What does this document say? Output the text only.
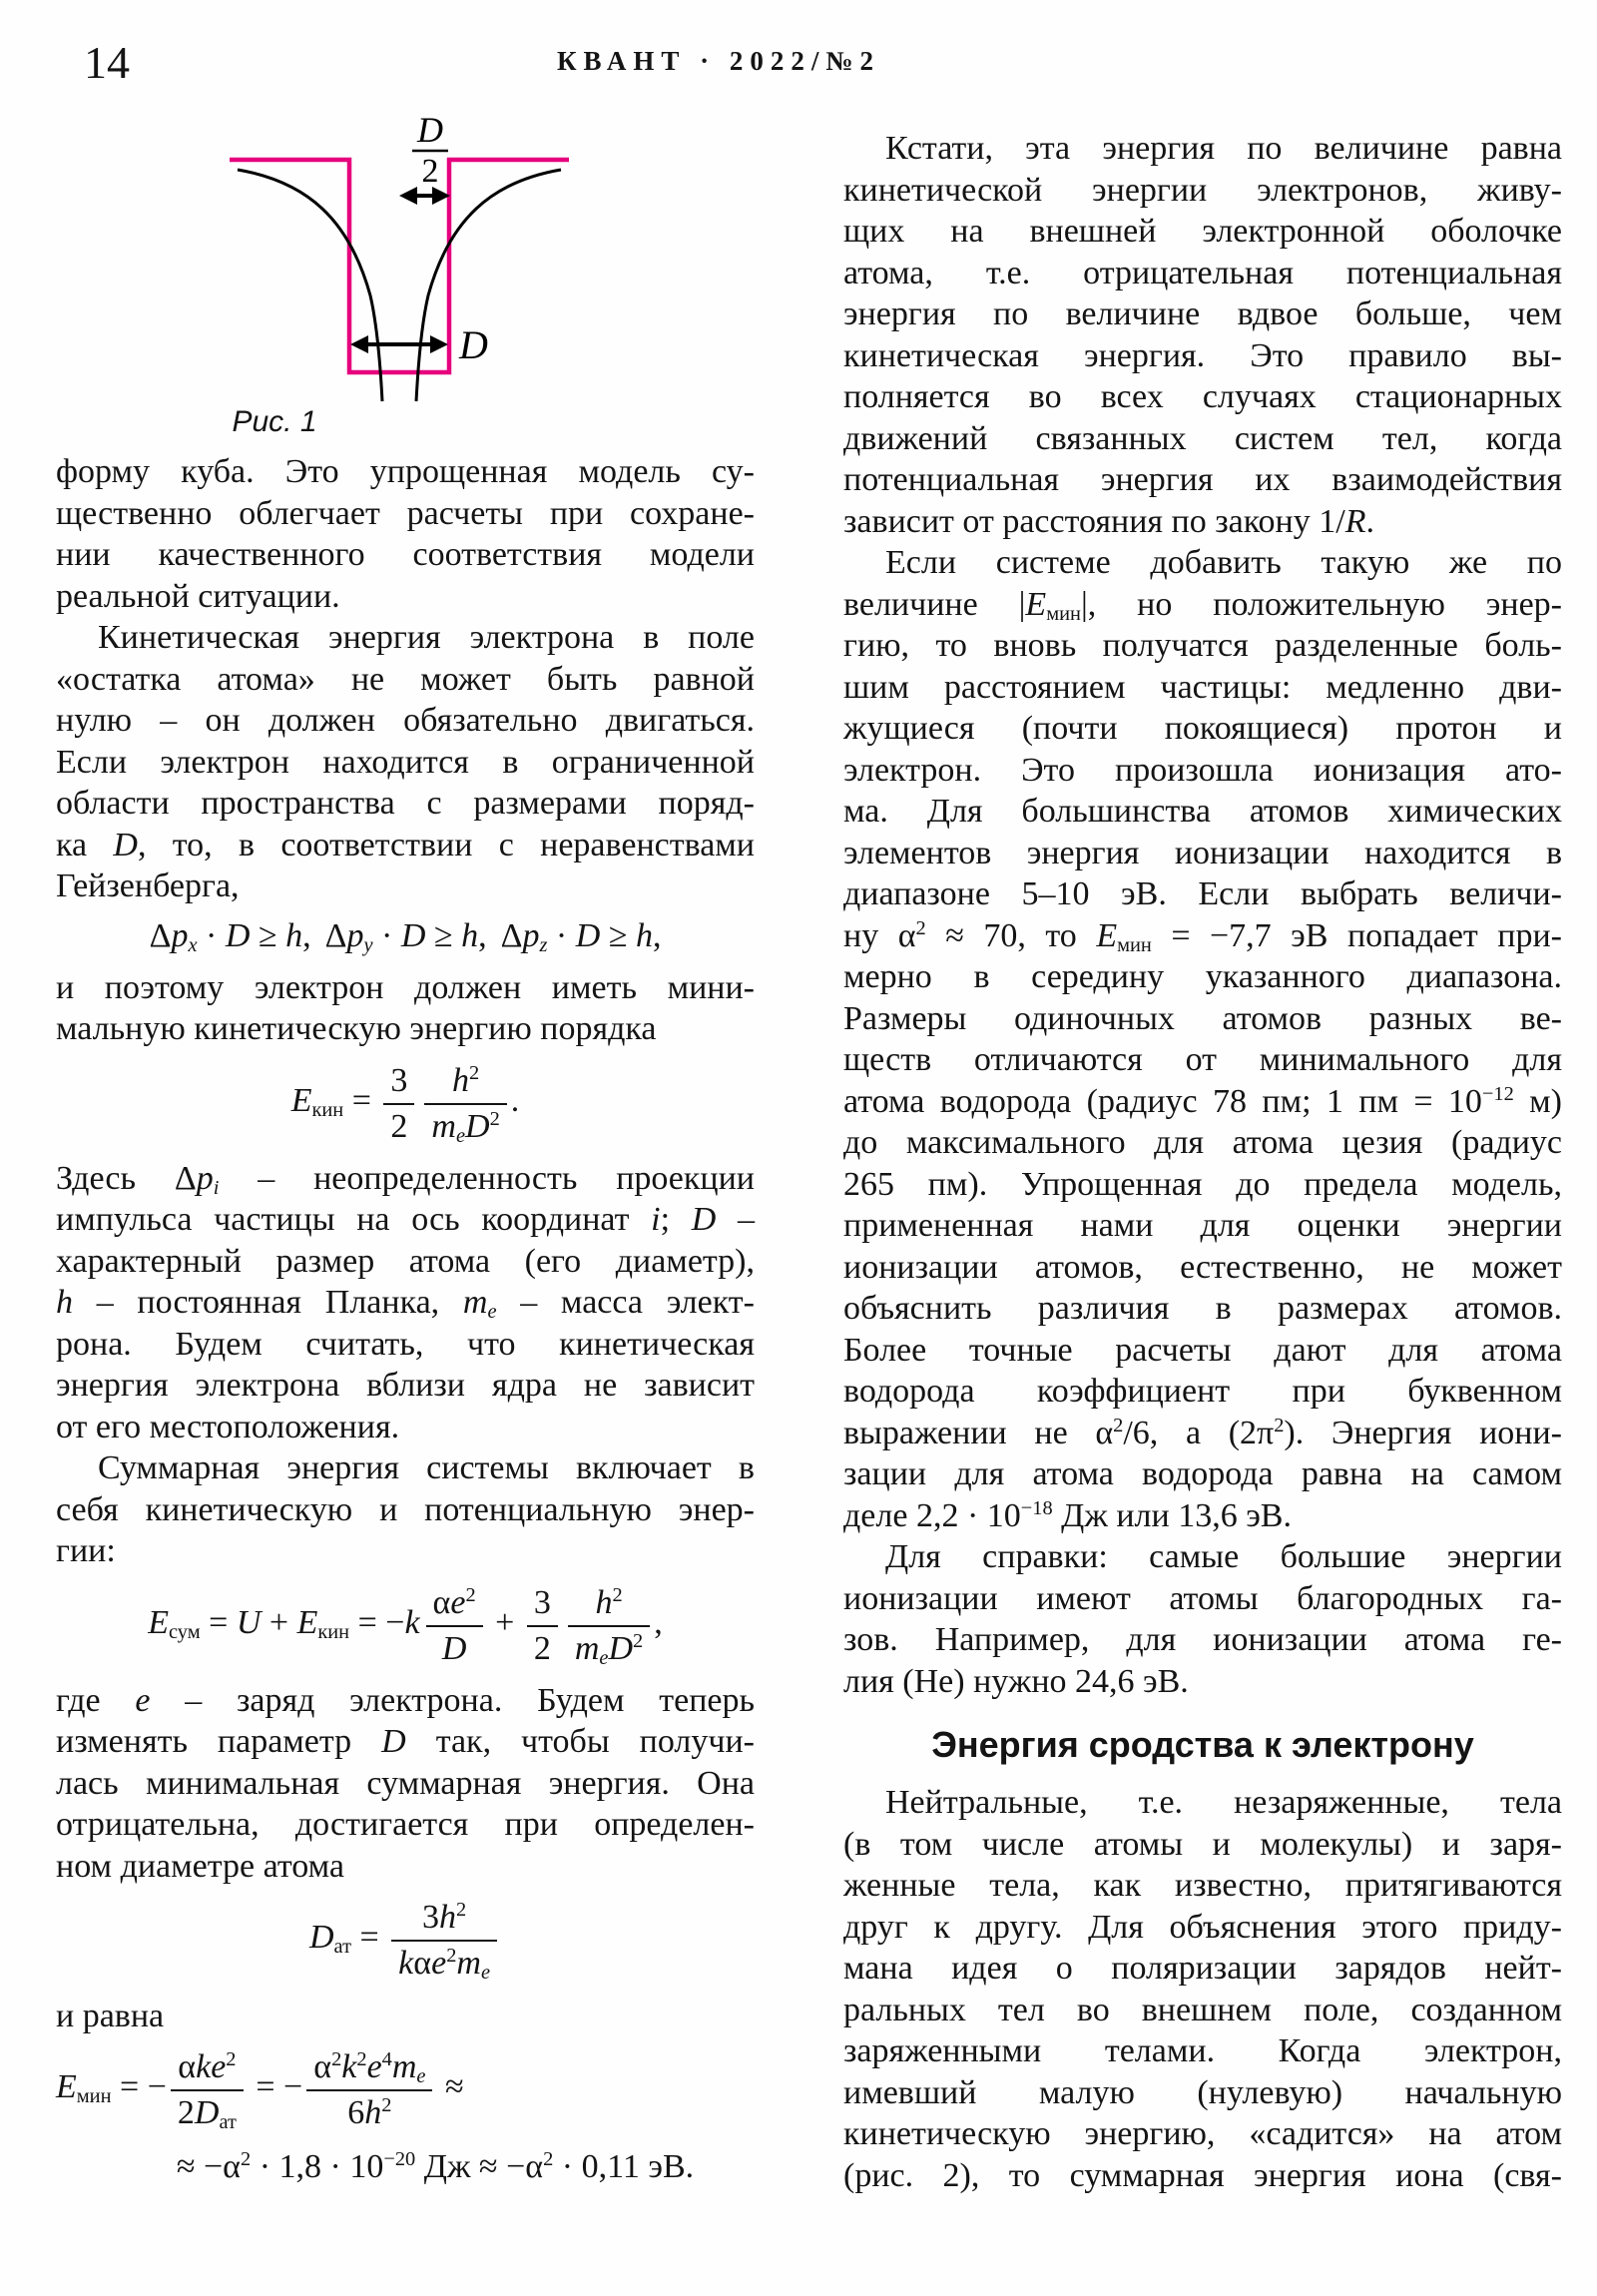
14	КВАНТ · 2022/№2
D
2
D
Рис. 1
форму куба. Это упрощенная модель су-
щественно облегчает расчеты при сохране-
нии качественного соответствия модели
реальной ситуации.
Кинетическая энергия электрона в поле
«остатка атома» не может быть равной
нулю – он должен обязательно двигаться.
Если электрон находится в ограниченной
области пространства с размерами поряд-
ка D, то, в соответствии с неравенствами
Гейзенберга,
$\Delta p_x \cdot D \ge h$, $\Delta p_y \cdot D \ge h$, $\Delta p_z \cdot D \ge h$,
и поэтому электрон должен иметь мини-
мальную кинетическую энергию порядка
$E_{кин} = \frac{3}{2} \frac{h^2}{m_eD^2}$ .
Здесь $\Delta p_i$ – неопределенность проекции
импульса частицы на ось координат i; D –
характерный размер атома (его диаметр),
h – постоянная Планка, $m_e$ – масса элект-
рона. Будем считать, что кинетическая
энергия электрона вблизи ядра не зависит
от его местоположения.
Суммарная энергия системы включает в
себя кинетическую и потенциальную энер-
гии:
$E_{сум} = U + E_{кин} = -k \frac{\alpha e^2}{D} + \frac{3}{2} \frac{h^2}{m_eD^2}$ ,
где e – заряд электрона. Будем теперь
изменять параметр D так, чтобы получи-
лась минимальная суммарная энергия. Она
отрицательна, достигается при определен-
ном диаметре атома
$D_{ат} = \frac{3h^2}{k\alpha e^2m_e}$
и равна
$E_{мин}$ = − $\frac{\alpha ke^2}{2D_{ат}}$ = − $\frac{\alpha^2k^2e^4m_e}{6h^2}$ ≈
≈ $-\alpha^2 \cdot 1,8 \cdot 10^{-20}$ Дж ≈ $-\alpha^2 \cdot 0,11$ эВ.
Кстати, эта энергия по величине равна
кинетической энергии электронов, живу-
щих на внешней электронной оболочке
атома, т.е. отрицательная потенциальная
энергия по величине вдвое больше, чем
кинетическая энергия. Это правило вы-
полняется во всех случаях стационарных
движений связанных систем тел, когда
потенциальная энергия их взаимодействия
зависит от расстояния по закону 1/R.
Если системе добавить такую же по
величине $|E_{мин}|$, но положительную энер-
гию, то вновь получатся разделенные боль-
шим расстоянием частицы: медленно дви-
жущиеся (почти покоящиеся) протон и
электрон. Это произошла ионизация ато-
ма. Для большинства атомов химических
элементов энергия ионизации находится в
диапазоне 5–10 эВ. Если выбрать величи-
ну $\alpha^2 \approx 70$, то $E_{мин} = -7,7$ эВ попадает при-
мерно в середину указанного диапазона.
Размеры одиночных атомов разных ве-
ществ отличаются от минимального для
атома водорода (радиус 78 пм; 1 пм = $10^{-12}$ м)
до максимального для атома цезия (радиус
265 пм). Упрощенная до предела модель,
примененная нами для оценки энергии
ионизации атомов, естественно, не может
объяснить различия в размерах атомов.
Более точные расчеты дают для атома
водорода коэффициент при буквенном
выражении не $\alpha^2/6$, а $(2\pi^2)$. Энергия иони-
зации для атома водорода равна на самом
деле $2,2 \cdot 10^{-18}$ Дж или 13,6 эВ.
Для справки: самые большие энергии
ионизации имеют атомы благородных га-
зов. Например, для ионизации атома ге-
лия (He) нужно 24,6 эВ.
Энергия сродства к электрону
Нейтральные, т.е. незаряженные, тела
(в том числе атомы и молекулы) и заря-
женные тела, как известно, притягиваются
друг к другу. Для объяснения этого приду-
мана идея о поляризации зарядов нейт-
ральных тел во внешнем поле, созданном
заряженными телами. Когда электрон,
имевший малую (нулевую) начальную
кинетическую энергию, «садится» на атом
(рис. 2), то суммарная энергия иона (свя-
